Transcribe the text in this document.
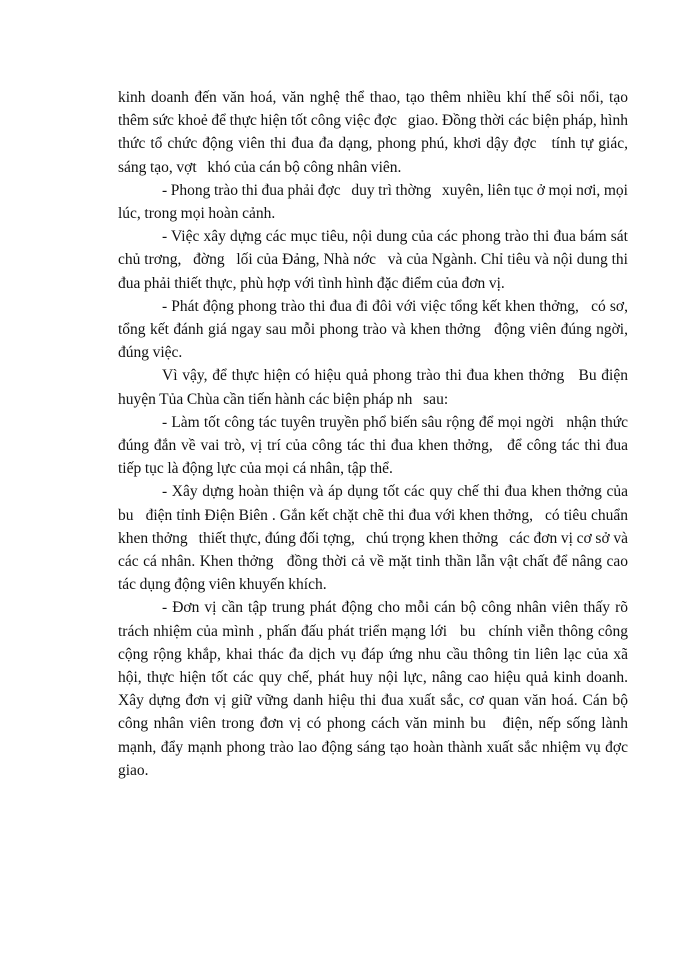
kinh doanh đến văn hoá, văn nghệ thể thao, tạo thêm nhiều khí thế sôi nổi, tạo thêm sức khoẻ để thực hiện tốt công việc đợc   giao. Đồng thời các biện pháp, hình thức tổ chức động viên thi đua đa dạng, phong phú, khơi dậy đợc   tính tự giác, sáng tạo, vợt   khó của cán bộ công nhân viên.

- Phong trào thi đua phải đợc   duy trì thờng   xuyên, liên tục ở mọi nơi, mọi lúc, trong mọi hoàn cảnh.

- Việc xây dựng các mục tiêu, nội dung của các phong trào thi đua bám sát chủ trơng,   đờng   lối của Đảng, Nhà nớc   và của Ngành. Chỉ tiêu và nội dung thi đua phải thiết thực, phù hợp với tình hình đặc điểm của đơn vị.

- Phát động phong trào thi đua đi đôi với việc tổng kết khen thởng,   có sơ, tổng kết đánh giá ngay sau mỗi phong trào và khen thởng   động viên đúng ngời,   đúng việc.

Vì vậy, để thực hiện có hiệu quả phong trào thi đua khen thởng   Bu điện huyện Tủa Chùa cần tiến hành các biện pháp nh   sau:

- Làm tốt công tác tuyên truyền phổ biến sâu rộng để mọi ngời   nhận thức đúng đắn về vai trò, vị trí của công tác thi đua khen thởng,   để công tác thi đua tiếp tục là động lực của mọi cá nhân, tập thể.

- Xây dựng hoàn thiện và áp dụng tốt các quy chế thi đua khen thởng của bu   điện tỉnh Điện Biên . Gắn kết chặt chẽ thi đua với khen thởng,   có tiêu chuẩn khen thởng   thiết thực, đúng đối tợng,   chú trọng khen thởng   các đơn vị cơ sở và các cá nhân. Khen thởng   đồng thời cả về mặt tinh thần lẫn vật chất để nâng cao tác dụng động viên khuyến khích.

- Đơn vị cần tập trung phát động cho mỗi cán bộ công nhân viên thấy rõ trách nhiệm của mình , phấn đấu phát triển mạng lới   bu   chính viễn thông công cộng rộng khắp, khai thác đa dịch vụ đáp ứng nhu cầu thông tin liên lạc của xã hội, thực hiện tốt các quy chế, phát huy nội lực, nâng cao hiệu quả kinh doanh. Xây dựng đơn vị giữ vững danh hiệu thi đua xuất sắc, cơ quan văn hoá. Cán bộ công nhân viên trong đơn vị có phong cách văn minh bu   điện, nếp sống lành mạnh, đẩy mạnh phong trào lao động sáng tạo hoàn thành xuất sắc nhiệm vụ đợc   giao.
